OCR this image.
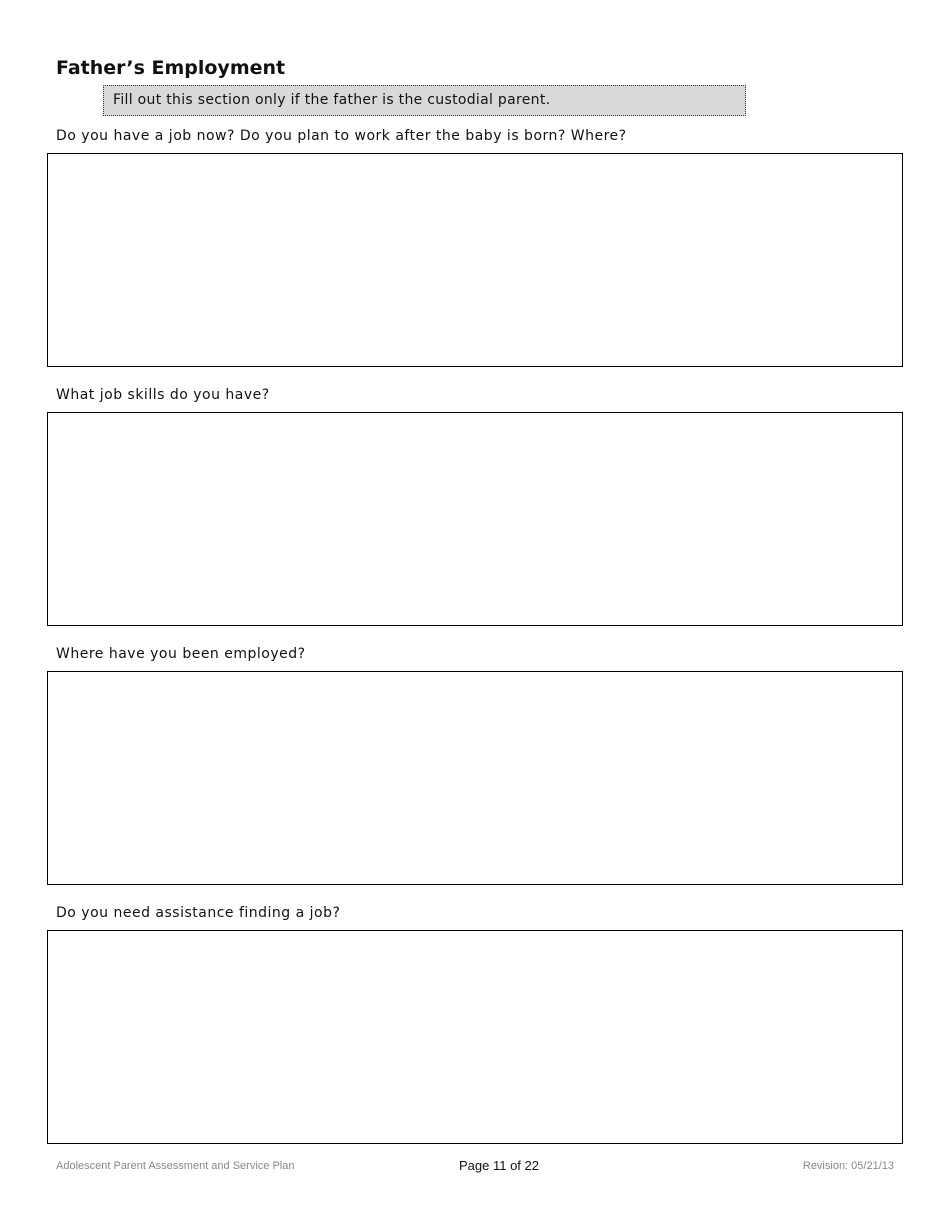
Father’s Employment
Fill out this section only if the father is the custodial parent.
Do you have a job now? Do you plan to work after the baby is born? Where?
What job skills do you have?
Where have you been employed?
Do you need assistance finding a job?
Adolescent Parent Assessment and Service Plan	Page 11 of 22	Revision: 05/21/13
